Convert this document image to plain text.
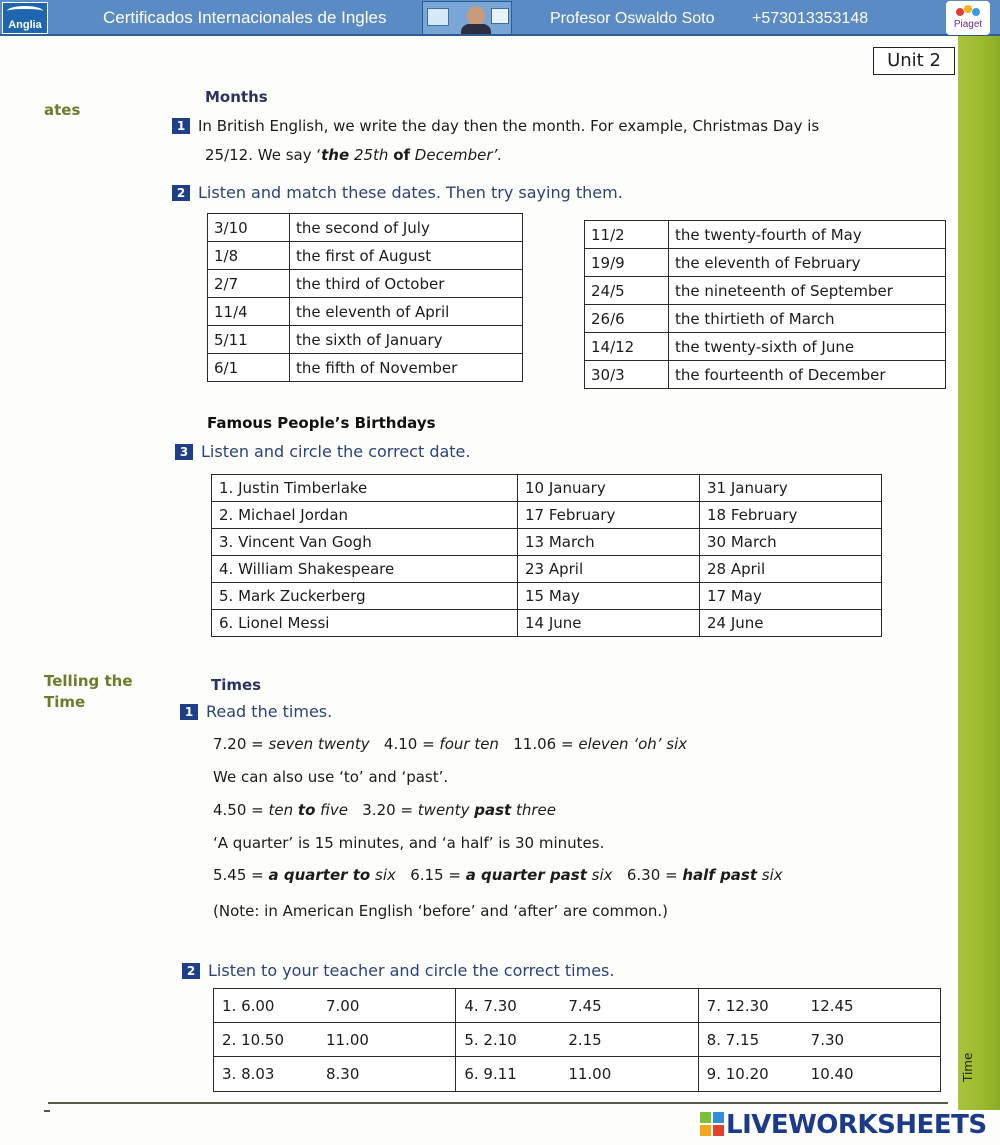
Anglia	Certificados Internacionales de Ingles	Profesor Oswaldo Soto +573013353148	Piaget
Time
Unit 2
ates
Telling the
Time
Months
1 In British English, we write the day then the month. For example, Christmas Day is
25/12. We say ‘the 25th of December’.
2 Listen and match these dates. Then try saying them.
3/10	the second of July
1/8	the first of August
2/7	the third of October
11/4	the eleventh of April
5/11	the sixth of January
6/1	the fifth of November
11/2	the twenty-fourth of May
19/9	the eleventh of February
24/5	the nineteenth of September
26/6	the thirtieth of March
14/12	the twenty-sixth of June
30/3	the fourteenth of December
Famous People’s Birthdays
3 Listen and circle the correct date.
1. Justin Timberlake	10 January	31 January
2. Michael Jordan	17 February	18 February
3. Vincent Van Gogh	13 March	30 March
4. William Shakespeare	23 April	28 April
5. Mark Zuckerberg	15 May	17 May
6. Lionel Messi	14 June	24 June
Times
1 Read the times.
7.20 = seven twenty 4.10 = four ten 11.06 = eleven ‘oh’ six
We can also use ‘to’ and ‘past’.
4.50 = ten to five 3.20 = twenty past three
‘A quarter’ is 15 minutes, and ‘a half’ is 30 minutes.
5.45 = a quarter to six 6.15 = a quarter past six 6.30 = half past six
(Note: in American English ‘before’ and ‘after’ are common.)
2 Listen to your teacher and circle the correct times.
1. 6.00	7.00
2. 10.50	11.00
3. 8.03	8.30
4. 7.30	7.45
5. 2.10	2.15
6. 9.11	11.00
7. 12.30	12.45
8. 7.15	7.30
9. 10.20	10.40
LIVEWORKSHEETS
